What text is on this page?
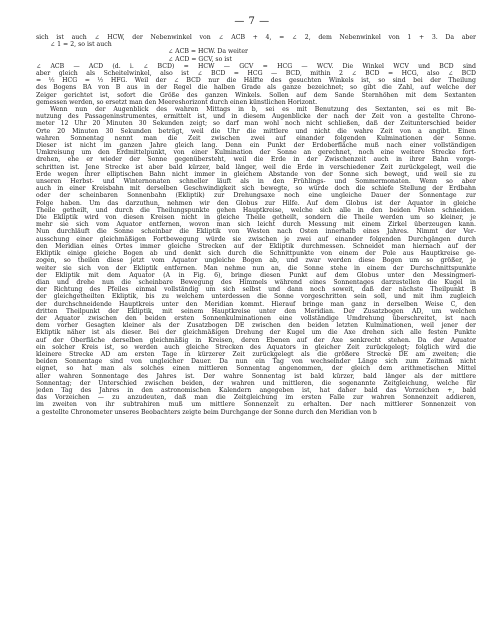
— 7 —
sich ist auch ∠ HCW, der Nebenwinkel von ∠ ACB + 4, = ∠ 2, dem Nebenwinkel von 1 + 3. Da aber
∠ 1 = 2, so ist auch
∠ ACB = HCW. Da weiter
∠ ACD = GCV, so ist
∠ ACB — ACD (d. i. ∠ BCD) = HCW — GCV = HCG — WCV. Die Winkel WCV und BCD sind
aber gleich als Scheitelwinkel, also ist ∠ BCD = HCG — BCD, mithin 2 ∠ BCD = HCG, also ∠ BCD
= ½ HCG = ½ HFG. Weil der ∠ BCD nur die Hälfte des gesuchten Winkels ist, so sind bei der Theilung
des Bogens BA von B aus in der Regel die halben Grade als ganze bezeichnet; so gibt die Zahl, auf welche der
Zeiger gerichtet ist, sofort die Größe des ganzen Winkels. Sollen auf dem Sande Sternhöhen mit dem Sextanten
gemessen werden, so ersetzt man den Meereshorizont durch einen künstlichen Horizont.
Wenn nun der Augenblick des wahren Mittags in b, sei es mit Benutzung des Sextanten, sei es mit Be-
nutzung des Passageninstrumentes, ermittelt ist, und in diesem Augenblicke der nach der Zeit von a gestellte Chrono-
meter 12 Uhr 20 Minuten 30 Sekunden zeigt; so darf man wohl noch nicht schließen, daß der Zeitunterschied beider
Orte 20 Minuten 30 Sekunden beträgt, weil die Uhr die mittlere und nicht die wahre Zeit von a angibt. Einen
wahren Sonnentag nennt man die Zeit zwischen zwei auf einander folgenden Kulminationen der Sonne.
Dieser ist nicht im ganzen Jahre gleich lang. Denn ein Punkt der Erdoberfläche muß nach einer vollständigen
Umkreisung um den Erdmittelpunkt, von einer Kulmination der Sonne an gerechnet, noch eine weitere Strecke fort-
drehen, ehe er wieder der Sonne gegenübersteht, weil die Erde in der Zwischenzeit auch in ihrer Bahn vorge-
schritten ist. Jene Strecke ist aber bald kürzer, bald länger, weil die Erde in verschiedener Zeit zurückgelegt, weil die
Erde wegen ihrer elliptischen Bahn nicht immer in gleichem Abstande von der Sonne sich bewegt, und weil sie zu
unseren Herbst- und Winternonaten schneller läuft als in den Frühlings- und Sommermonaten. Wenn so aber
auch in einer Kreisbahn mit derselben Geschwindigkeit sich bewegte, so würde doch die schiefe Stellung der Erdbahn
oder der scheinbaren Sonnenbahn (Ekliptik) zur Drehungsaxe noch eine ungleiche Dauer der Sonnentage zur
Folge haben. Um das darzuthun, nehmen wir den Globus zur Hilfe. Auf dem Globus ist der Äquator in gleiche
Theile getheilt, und durch die Theilungspunkte gehen Hauptkreise, welche sich alle in den beiden Polen schneiden.
Die Ekliptik wird von diesen Kreisen nicht in gleiche Theile getheilt, sondern die Theile werden um so kleiner, je
mehr sie sich vom Äquator entfernen, wovon man sich leicht durch Messung mit einem Zirkel überzeugen kann.
Nun durchläuft die Sonne scheinbar die Ekliptik von Westen nach Osten innerhalb eines Jahres. Nimmt der Ver-
ausschung einer gleichmäßigen Fortbewegung würde sie zwischen je zwei auf einander folgenden Durchgängen durch
den Meridian eines Ortes immer gleiche Strecken auf der Ekliptik durchmessen. Schneidet man hiernach auf der
Ekliptik einige gleiche Bogen ab und denkt sich durch die Schnittpunkte von einem der Pole aus Hauptkreise ge-
zogen, so theilen diese jetzt vom Äquator ungleiche Bogen ab, und zwar werden diese Bogen um so größer, je
weiter sie sich von der Ekliptik entfernen. Man nehme nun an, die Sonne stehe in einem der Durchschnittspunkte
der Ekliptik mit dem Äquator (A in Fig. 6), bringe diesen Punkt auf dem Globus unter den Messingmeri-
dian und drehe nun die scheinbare Bewegung des Himmels während eines Sonnentages darzustellen die Kugel in
der Richtung des Pfeiles einmal vollständig um sich selbst und dann noch soweit, daß der nächste Theilpunkt B
der gleichgetheilten Ekliptik, bis zu welchem unterdessen die Sonne vorgeschritten sein soll, und mit ihm zugleich
der durchschneidende Hauptkreis unter den Meridian kommt. Hierauf bringe man ganz in derselben Weise C, den
dritten Theilpunkt der Ekliptik, mit seinem Hauptkreise unter den Meridian. Der Zusatzbogen AD, um welchen
der Äquator zwischen den beiden ersten Sonnenkulminationen eine vollständige Umdrehung überschreitet, ist nach
dem vorher Gesagten kleiner als der Zusatzbogen DE zwischen den beiden letzten Kulminationen, weil jener der
Ekliptik näher ist als dieser. Bei der gleichmäßigen Drehung der Kugel um die Axe drehen sich alle festen Punkte
auf der Oberfläche derselben gleichmäßig in Kreisen, deren Ebenen auf der Axe senkrecht stehen. Da der Äquator
ein solcher Kreis ist, so werden auch gleiche Strecken des Äquators in gleicher Zeit zurückgelegt; folglich wird die
kleinere Strecke AD am ersten Tage in kürzerer Zeit zurückgelegt als die größere Strecke DE am zweiten; die
beiden Sonnentage sind von ungleicher Dauer. Da nun ein Tag von wechselnder Länge sich zum Zeitmaß nicht
eignet, so hat man als solches einen mittleren Sonnentag angenommen, der gleich dem arithmetischen Mittel
aller wahren Sonnentage des Jahres ist. Der wahre Sonnentag ist bald kürzer, bald länger als der mittlere
Sonnentag; der Unterschied zwischen beiden, der wahren und mittleren, die sogenannte Zeitgleichung, welche für
jeden Tag des Jahres in den astronomischen Kalendern angegeben ist, hat daher bald das Vorzeichen +, bald
das Vorzeichen — zu anzudeuten, daß man die Zeitgleichung im ersten Falle zur wahren Sonnenzeit addieren,
im zweiten von ihr subtrahiren muß um mittlere Sonnenzeit zu erhalten. Der nach mittlerer Sonnenzeit von
a gestellte Chronometer unseres Beobachters zeigte beim Durchgange der Sonne durch den Meridian von b
